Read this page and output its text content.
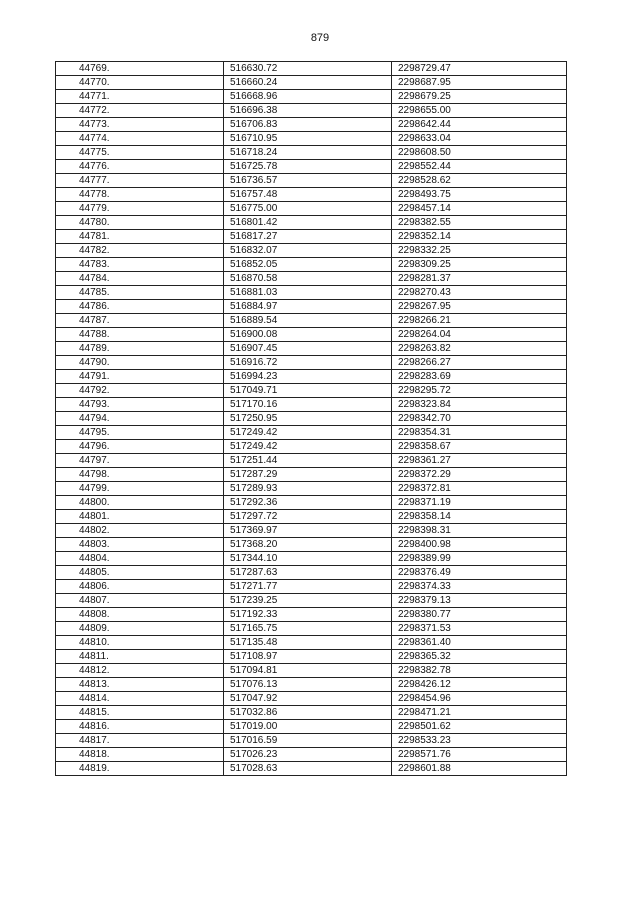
879
44769.	516630.72	2298729.47
44770.	516660.24	2298687.95
44771.	516668.96	2298679.25
44772.	516696.38	2298655.00
44773.	516706.83	2298642.44
44774.	516710.95	2298633.04
44775.	516718.24	2298608.50
44776.	516725.78	2298552.44
44777.	516736.57	2298528.62
44778.	516757.48	2298493.75
44779.	516775.00	2298457.14
44780.	516801.42	2298382.55
44781.	516817.27	2298352.14
44782.	516832.07	2298332.25
44783.	516852.05	2298309.25
44784.	516870.58	2298281.37
44785.	516881.03	2298270.43
44786.	516884.97	2298267.95
44787.	516889.54	2298266.21
44788.	516900.08	2298264.04
44789.	516907.45	2298263.82
44790.	516916.72	2298266.27
44791.	516994.23	2298283.69
44792.	517049.71	2298295.72
44793.	517170.16	2298323.84
44794.	517250.95	2298342.70
44795.	517249.42	2298354.31
44796.	517249.42	2298358.67
44797.	517251.44	2298361.27
44798.	517287.29	2298372.29
44799.	517289.93	2298372.81
44800.	517292.36	2298371.19
44801.	517297.72	2298358.14
44802.	517369.97	2298398.31
44803.	517368.20	2298400.98
44804.	517344.10	2298389.99
44805.	517287.63	2298376.49
44806.	517271.77	2298374.33
44807.	517239.25	2298379.13
44808.	517192.33	2298380.77
44809.	517165.75	2298371.53
44810.	517135.48	2298361.40
44811.	517108.97	2298365.32
44812.	517094.81	2298382.78
44813.	517076.13	2298426.12
44814.	517047.92	2298454.96
44815.	517032.86	2298471.21
44816.	517019.00	2298501.62
44817.	517016.59	2298533.23
44818.	517026.23	2298571.76
44819.	517028.63	2298601.88
